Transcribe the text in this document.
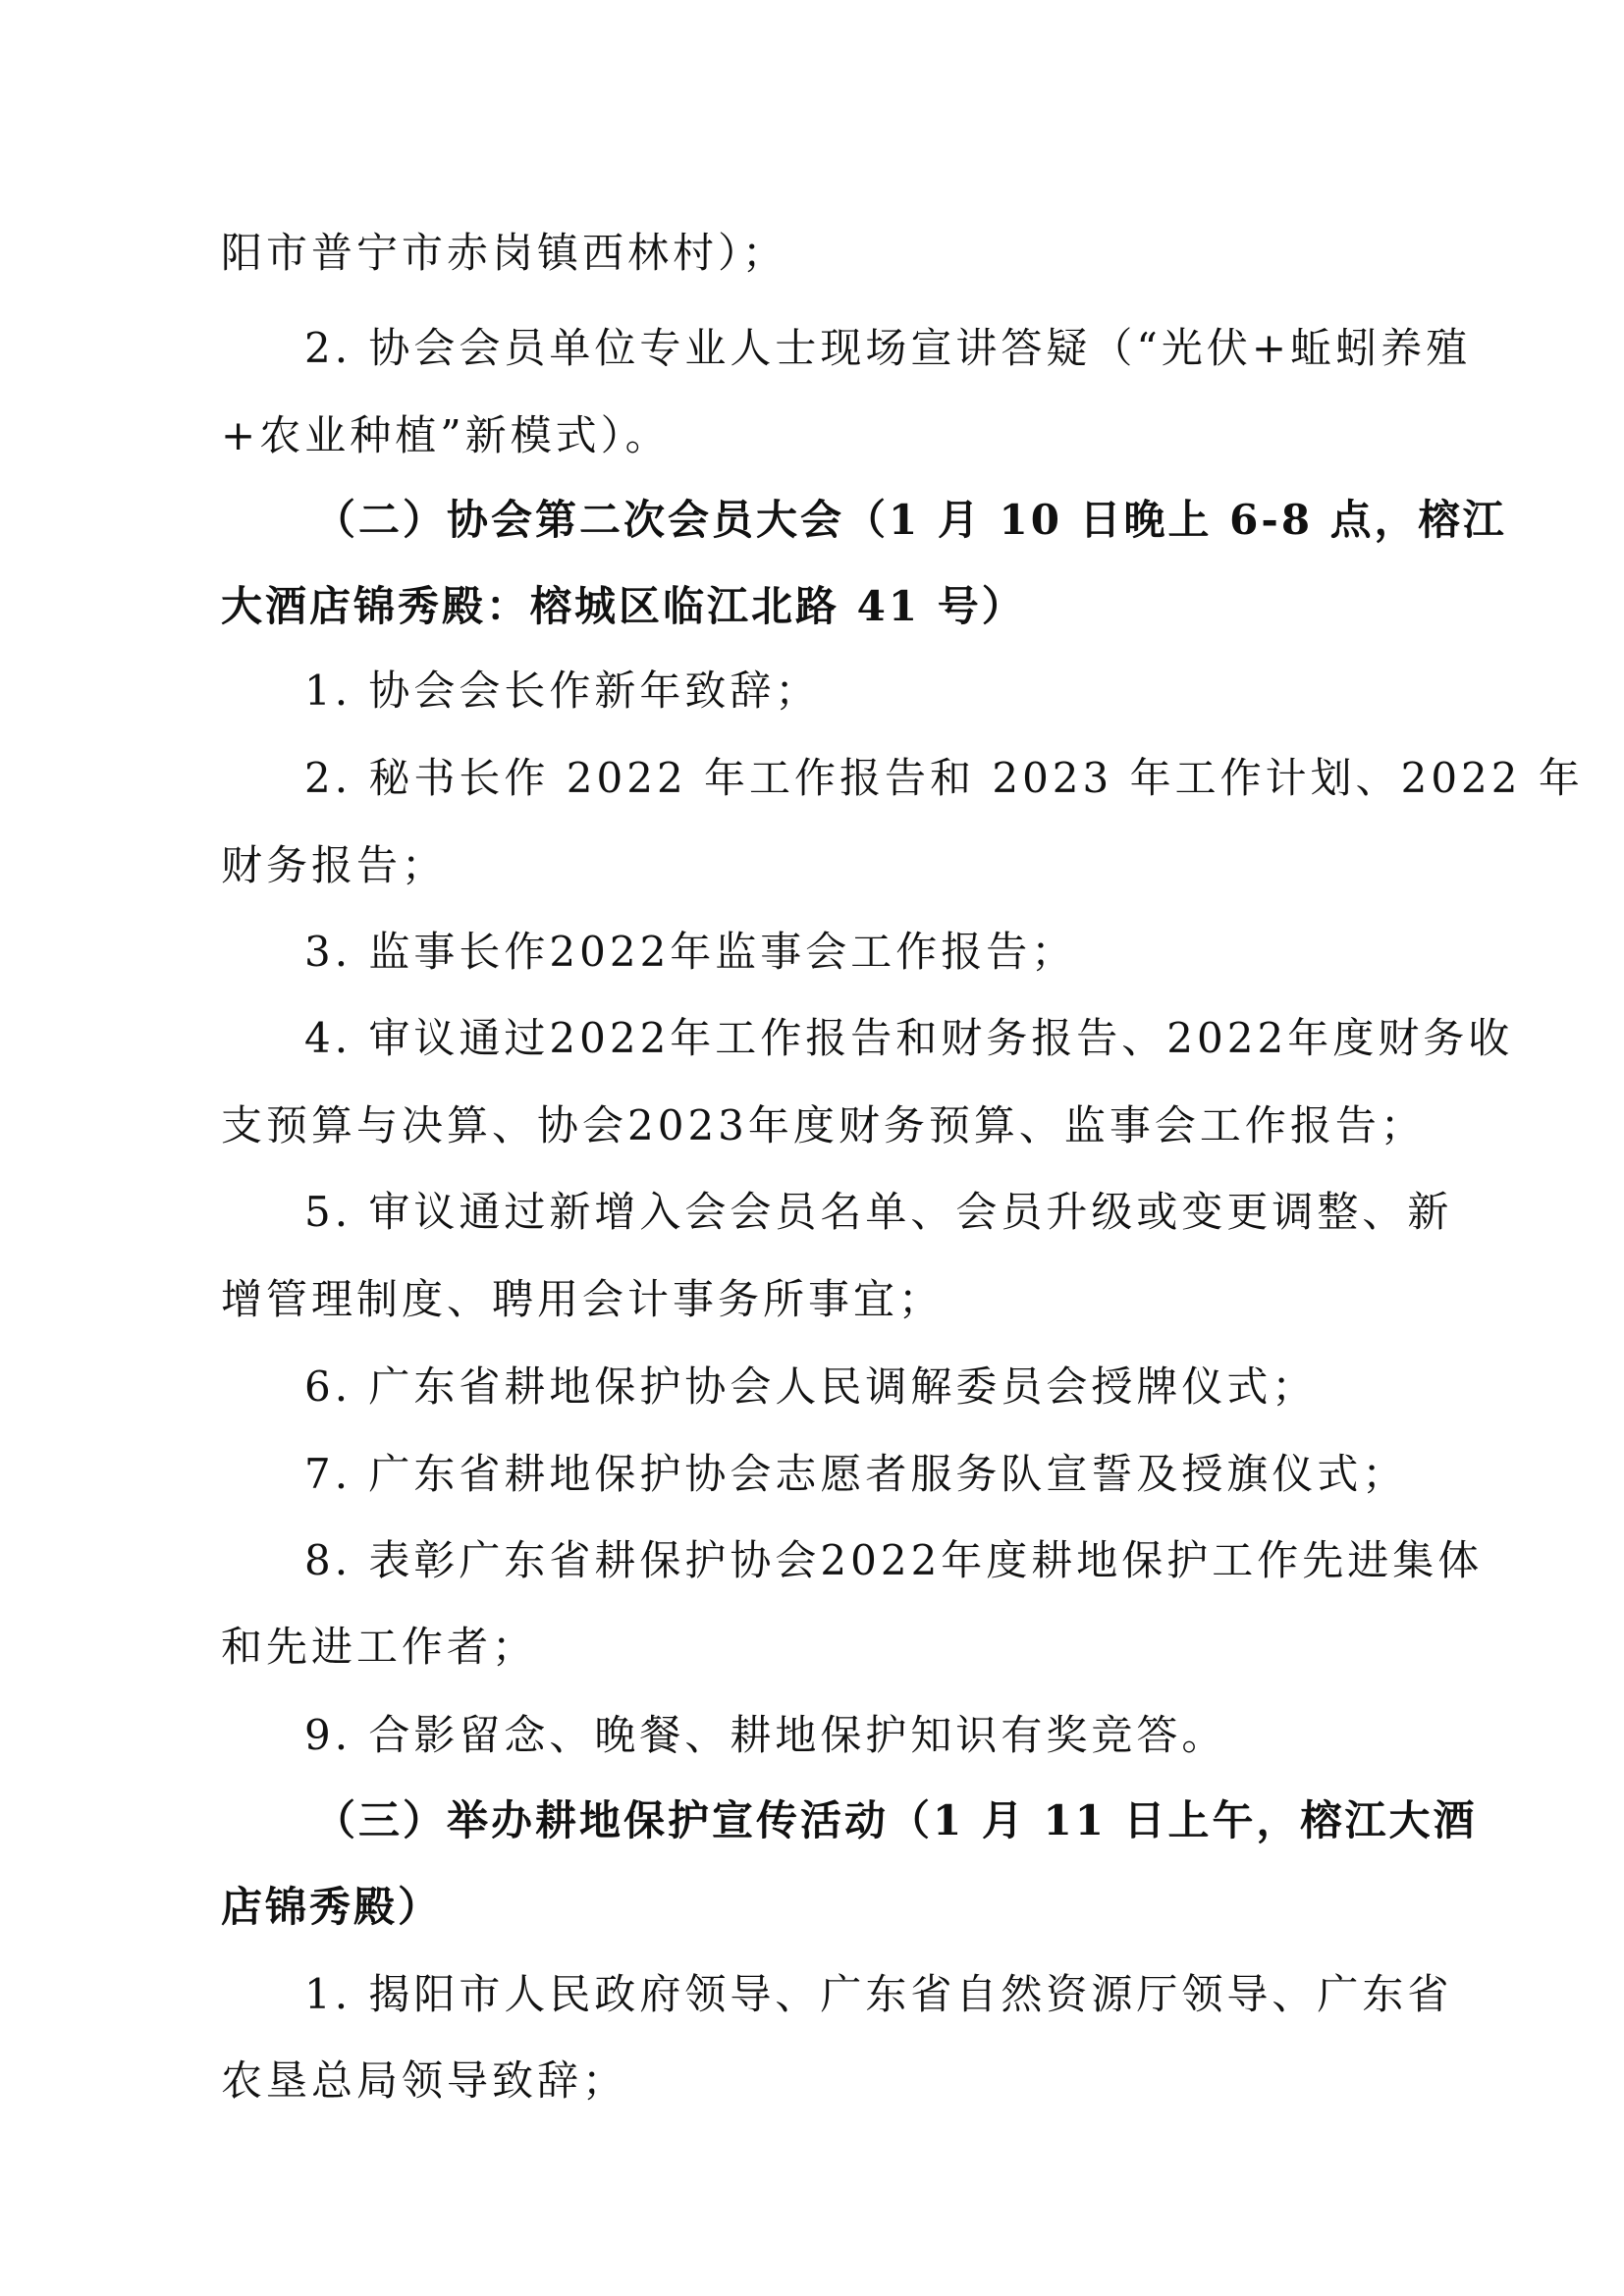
阳市普宁市赤岗镇西林村）；
2. 协会会员单位专业人士现场宣讲答疑（“光伏+蚯蚓养殖
+农业种植”新模式）。
（二）协会第二次会员大会（1 月 10 日晚上 6-8 点，榕江
大酒店锦秀殿：榕城区临江北路 41 号）
1. 协会会长作新年致辞；
2. 秘书长作 2022 年工作报告和 2023 年工作计划、2022 年
财务报告；
3. 监事长作2022年监事会工作报告；
4. 审议通过2022年工作报告和财务报告、2022年度财务收
支预算与决算、协会2023年度财务预算、监事会工作报告；
5. 审议通过新增入会会员名单、会员升级或变更调整、新
增管理制度、聘用会计事务所事宜；
6. 广东省耕地保护协会人民调解委员会授牌仪式；
7. 广东省耕地保护协会志愿者服务队宣誓及授旗仪式；
8. 表彰广东省耕保护协会2022年度耕地保护工作先进集体
和先进工作者；
9. 合影留念、晚餐、耕地保护知识有奖竞答。
（三）举办耕地保护宣传活动（1 月 11 日上午，榕江大酒
店锦秀殿）
1. 揭阳市人民政府领导、广东省自然资源厅领导、广东省
农垦总局领导致辞；
